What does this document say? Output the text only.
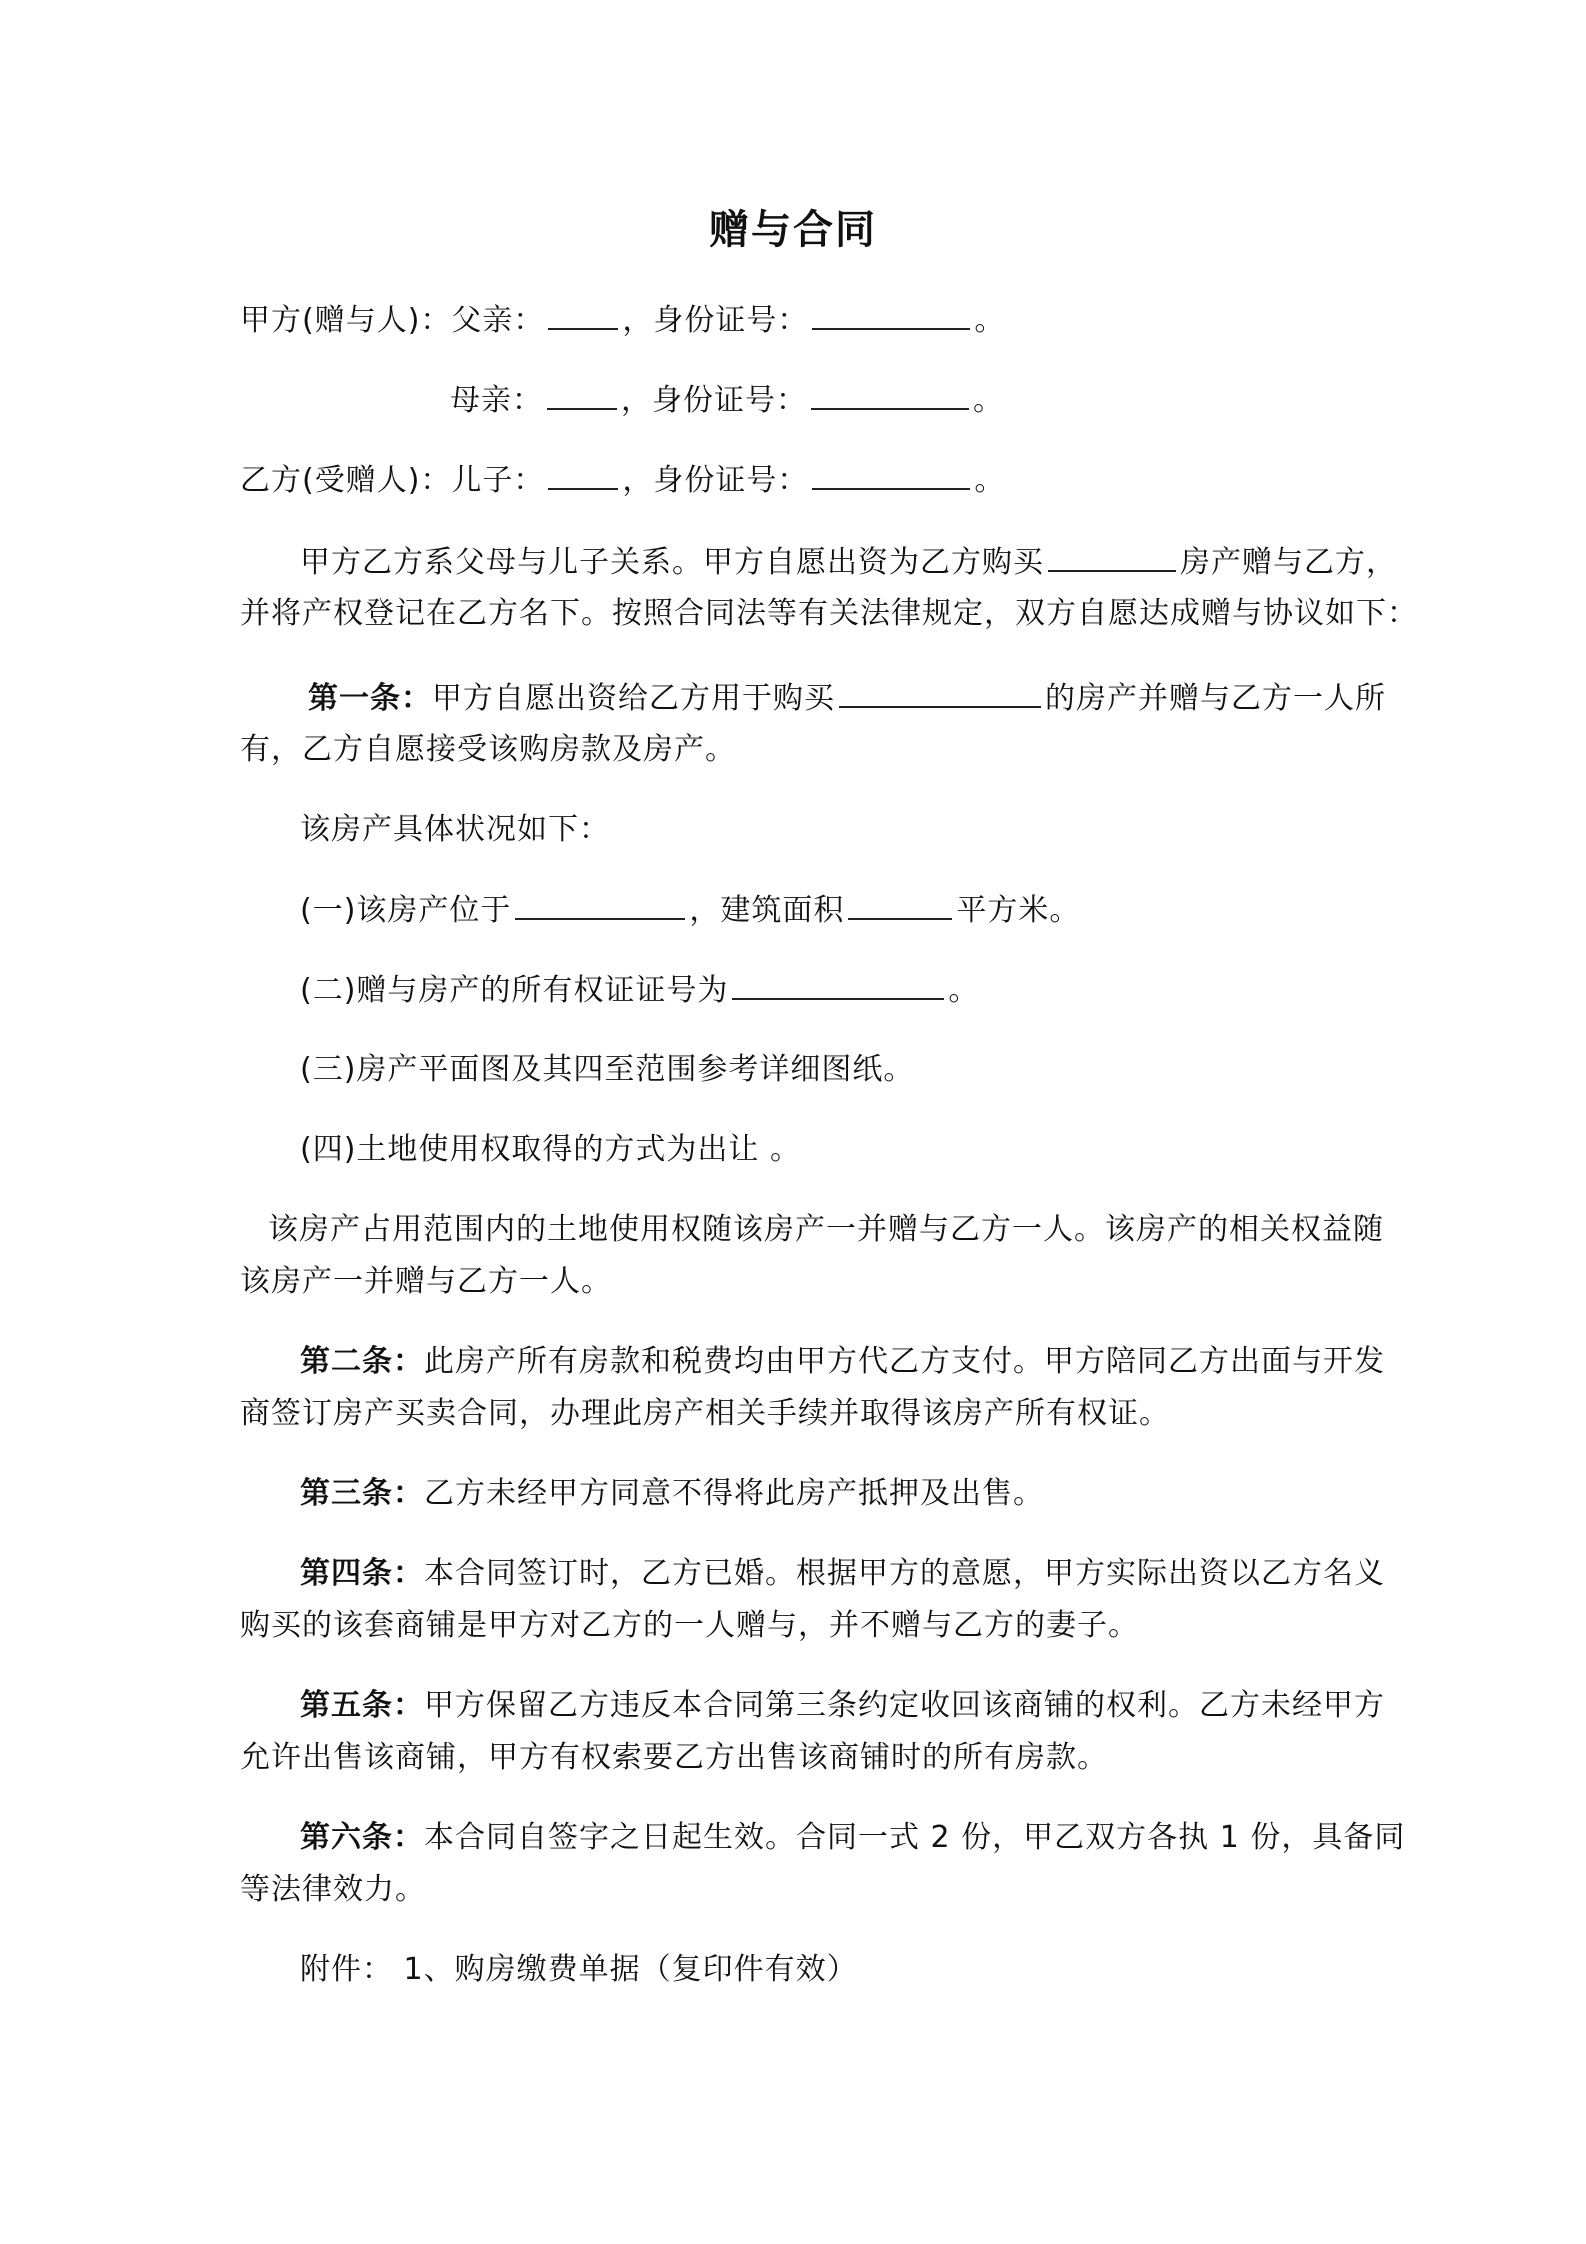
赠与合同
甲方(赠与人)：父亲：	，身份证号：	。
母亲：	，身份证号：	。
乙方(受赠人)：儿子：	，身份证号：	。
甲方乙方系父母与儿子关系。甲方自愿出资为乙方购买	房产赠与乙方，
并将产权登记在乙方名下。按照合同法等有关法律规定，双方自愿达成赠与协议如下：
第一条：甲方自愿出资给乙方用于购买	的房产并赠与乙方一人所
有，乙方自愿接受该购房款及房产。
该房产具体状况如下：
(一)该房产位于	，建筑面积	平方米。
(二)赠与房产的所有权证证号为	。
(三)房产平面图及其四至范围参考详细图纸。
(四)土地使用权取得的方式为出让 。
该房产占用范围内的土地使用权随该房产一并赠与乙方一人。该房产的相关权益随
该房产一并赠与乙方一人。
第二条：此房产所有房款和税费均由甲方代乙方支付。甲方陪同乙方出面与开发
商签订房产买卖合同，办理此房产相关手续并取得该房产所有权证。
第三条：乙方未经甲方同意不得将此房产抵押及出售。
第四条：本合同签订时，乙方已婚。根据甲方的意愿，甲方实际出资以乙方名义
购买的该套商铺是甲方对乙方的一人赠与，并不赠与乙方的妻子。
第五条：甲方保留乙方违反本合同第三条约定收回该商铺的权利。乙方未经甲方
允许出售该商铺，甲方有权索要乙方出售该商铺时的所有房款。
第六条：本合同自签字之日起生效。合同一式 2 份，甲乙双方各执 1 份，具备同
等法律效力。
附件： 1、购房缴费单据（复印件有效）
